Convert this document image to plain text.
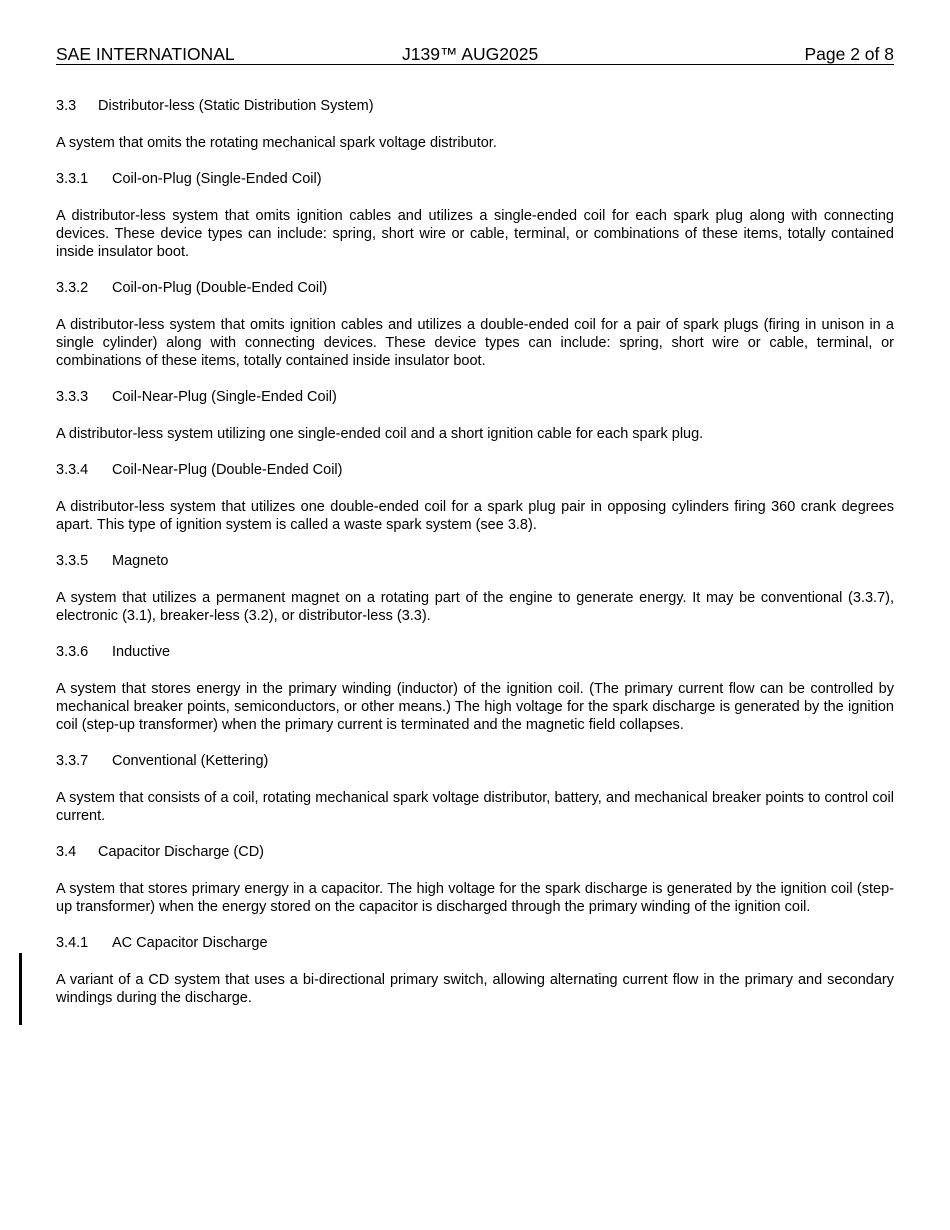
SAE INTERNATIONAL	J139™ AUG2025	Page 2 of 8
3.3 Distributor-less (Static Distribution System)
A system that omits the rotating mechanical spark voltage distributor.
3.3.1 Coil-on-Plug (Single-Ended Coil)
A distributor-less system that omits ignition cables and utilizes a single-ended coil for each spark plug along with connecting devices. These device types can include: spring, short wire or cable, terminal, or combinations of these items, totally contained inside insulator boot.
3.3.2 Coil-on-Plug (Double-Ended Coil)
A distributor-less system that omits ignition cables and utilizes a double-ended coil for a pair of spark plugs (firing in unison in a single cylinder) along with connecting devices. These device types can include: spring, short wire or cable, terminal, or combinations of these items, totally contained inside insulator boot.
3.3.3 Coil-Near-Plug (Single-Ended Coil)
A distributor-less system utilizing one single-ended coil and a short ignition cable for each spark plug.
3.3.4 Coil-Near-Plug (Double-Ended Coil)
A distributor-less system that utilizes one double-ended coil for a spark plug pair in opposing cylinders firing 360 crank degrees apart. This type of ignition system is called a waste spark system (see 3.8).
3.3.5 Magneto
A system that utilizes a permanent magnet on a rotating part of the engine to generate energy. It may be conventional (3.3.7), electronic (3.1), breaker-less (3.2), or distributor-less (3.3).
3.3.6 Inductive
A system that stores energy in the primary winding (inductor) of the ignition coil. (The primary current flow can be controlled by mechanical breaker points, semiconductors, or other means.) The high voltage for the spark discharge is generated by the ignition coil (step-up transformer) when the primary current is terminated and the magnetic field collapses.
3.3.7 Conventional (Kettering)
A system that consists of a coil, rotating mechanical spark voltage distributor, battery, and mechanical breaker points to control coil current.
3.4 Capacitor Discharge (CD)
A system that stores primary energy in a capacitor. The high voltage for the spark discharge is generated by the ignition coil (step-up transformer) when the energy stored on the capacitor is discharged through the primary winding of the ignition coil.
3.4.1 AC Capacitor Discharge
A variant of a CD system that uses a bi-directional primary switch, allowing alternating current flow in the primary and secondary windings during the discharge.
